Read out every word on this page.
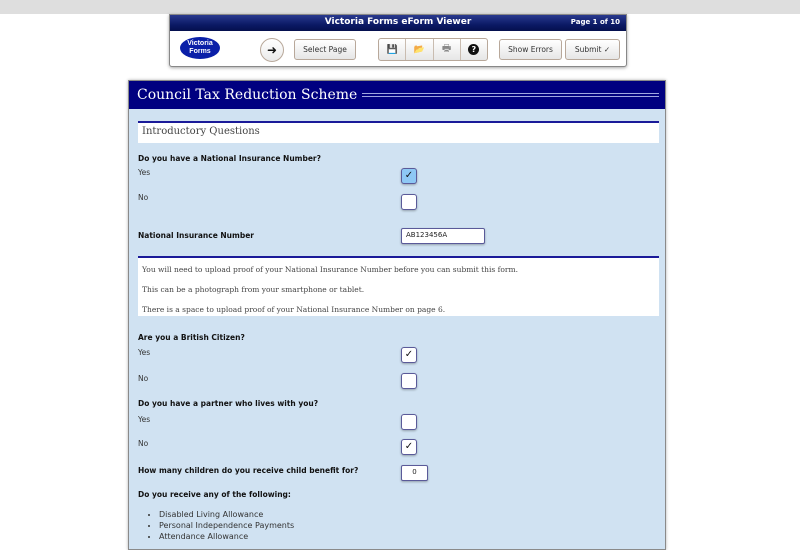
Victoria Forms eForm Viewer	Page 1 of 10
Victoria
Forms	➜	Select Page	💾 📂 🖶	?	Show Errors	Submit ✓
Council Tax Reduction Scheme
Introductory Questions
Do you have a National Insurance Number?
Yes	✓
No
National Insurance Number	AB123456A
You will need to upload proof of your National Insurance Number before you can submit this form.
This can be a photograph from your smartphone or tablet.
There is a space to upload proof of your National Insurance Number on page 6.
Are you a British Citizen?
Yes	✓
No
Do you have a partner who lives with you?
Yes
No	✓
How many children do you receive child benefit for?	0
Do you receive any of the following:
• Disabled Living Allowance
• Personal Independence Payments
• Attendance Allowance
